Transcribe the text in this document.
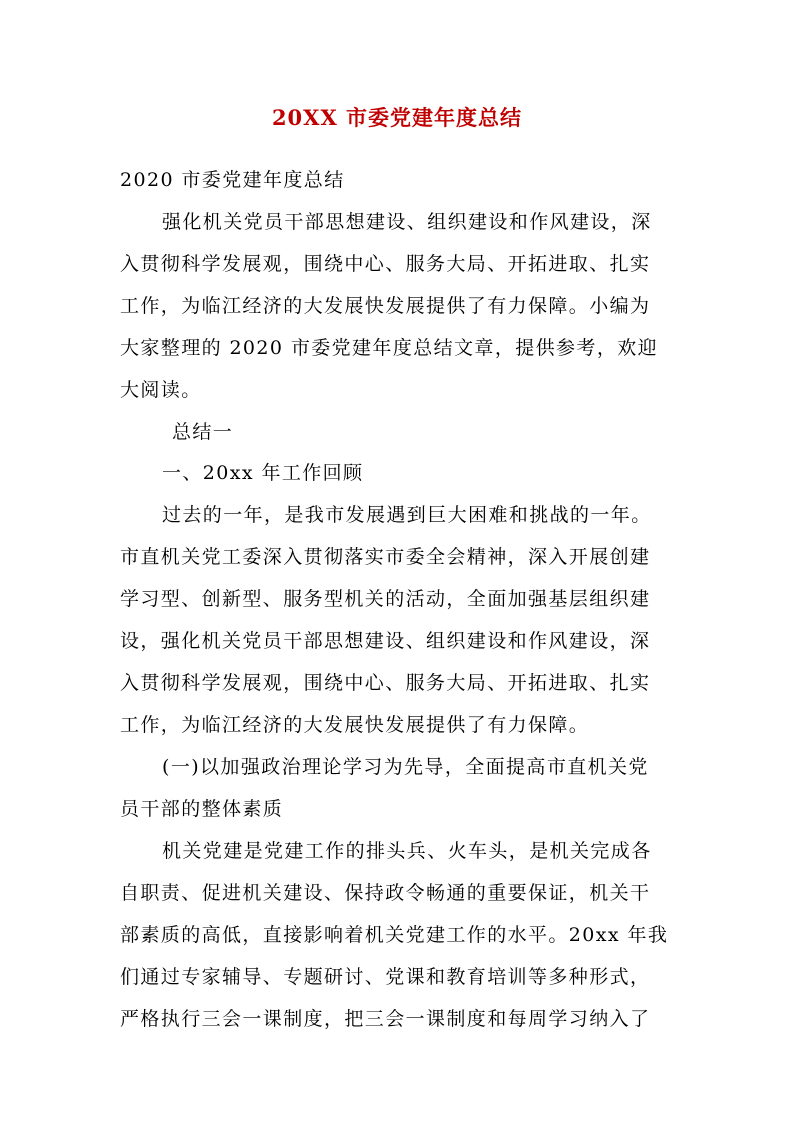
20XX 市委党建年度总结
2020 市委党建年度总结
强化机关党员干部思想建设、组织建设和作风建设，深
入贯彻科学发展观，围绕中心、服务大局、开拓进取、扎实
工作，为临江经济的大发展快发展提供了有力保障。小编为
大家整理的 2020 市委党建年度总结文章，提供参考，欢迎
大阅读。
总结一
一、20xx 年工作回顾
过去的一年，是我市发展遇到巨大困难和挑战的一年。
市直机关党工委深入贯彻落实市委全会精神，深入开展创建
学习型、创新型、服务型机关的活动，全面加强基层组织建
设，强化机关党员干部思想建设、组织建设和作风建设，深
入贯彻科学发展观，围绕中心、服务大局、开拓进取、扎实
工作，为临江经济的大发展快发展提供了有力保障。
(一)以加强政治理论学习为先导，全面提高市直机关党
员干部的整体素质
机关党建是党建工作的排头兵、火车头，是机关完成各
自职责、促进机关建设、保持政令畅通的重要保证，机关干
部素质的高低，直接影响着机关党建工作的水平。20xx 年我
们通过专家辅导、专题研讨、党课和教育培训等多种形式，
严格执行三会一课制度，把三会一课制度和每周学习纳入了
